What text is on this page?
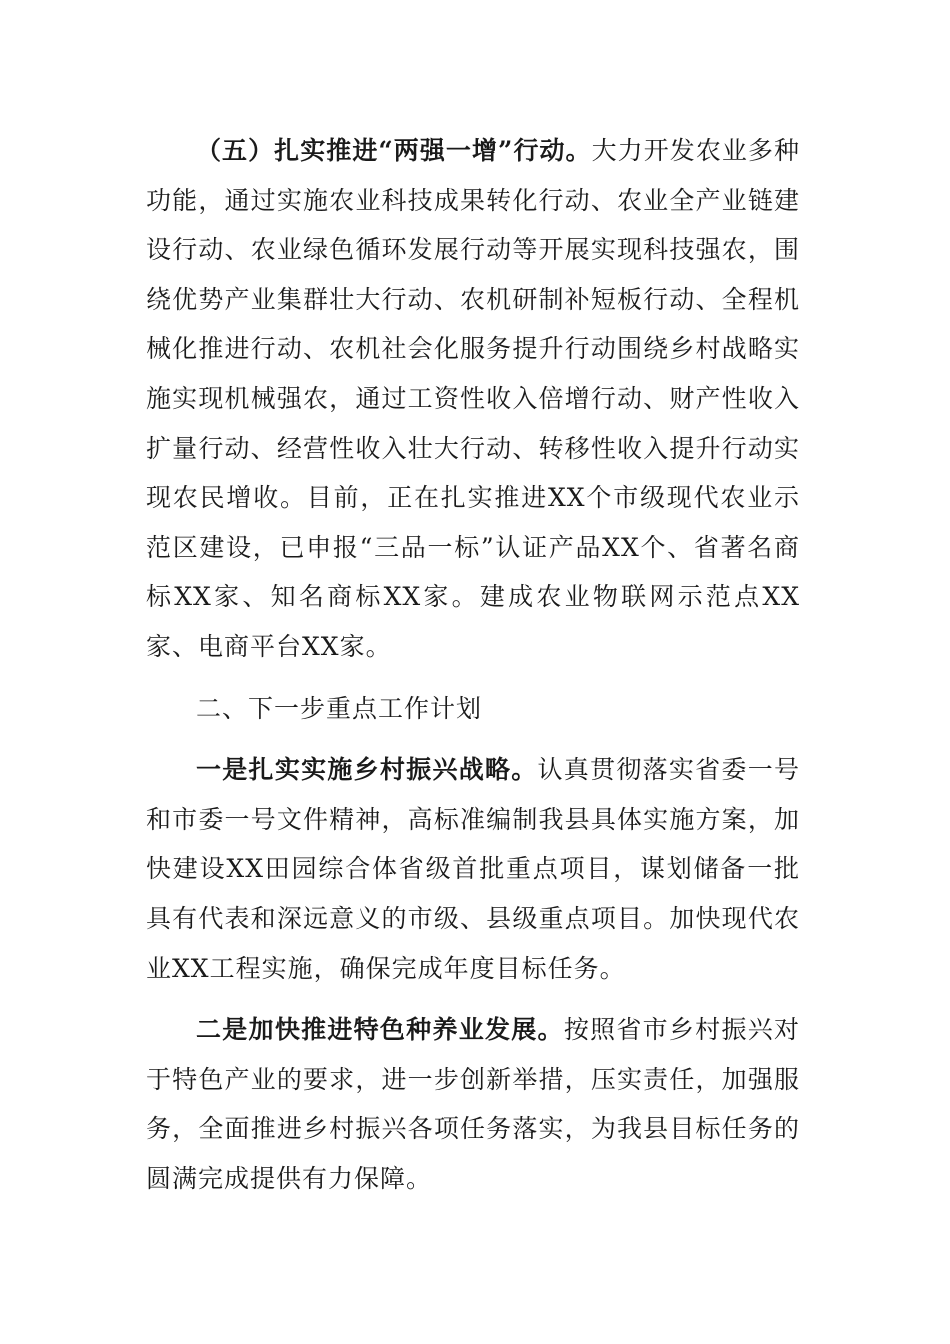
（五）扎实推进“两强一增”行动。大力开发农业多种功能，通过实施农业科技成果转化行动、农业全产业链建设行动、农业绿色循环发展行动等开展实现科技强农，围绕优势产业集群壮大行动、农机研制补短板行动、全程机械化推进行动、农机社会化服务提升行动围绕乡村战略实施实现机械强农，通过工资性收入倍增行动、财产性收入扩量行动、经营性收入壮大行动、转移性收入提升行动实现农民增收。目前，正在扎实推进XX个市级现代农业示范区建设，已申报“三品一标”认证产品XX个、省著名商标XX家、知名商标XX家。建成农业物联网示范点XX家、电商平台XX家。

二、下一步重点工作计划

一是扎实实施乡村振兴战略。认真贯彻落实省委一号和市委一号文件精神，高标准编制我县具体实施方案，加快建设XX田园综合体省级首批重点项目，谋划储备一批具有代表和深远意义的市级、县级重点项目。加快现代农业XX工程实施，确保完成年度目标任务。

二是加快推进特色种养业发展。按照省市乡村振兴对于特色产业的要求，进一步创新举措，压实责任，加强服务，全面推进乡村振兴各项任务落实，为我县目标任务的圆满完成提供有力保障。
